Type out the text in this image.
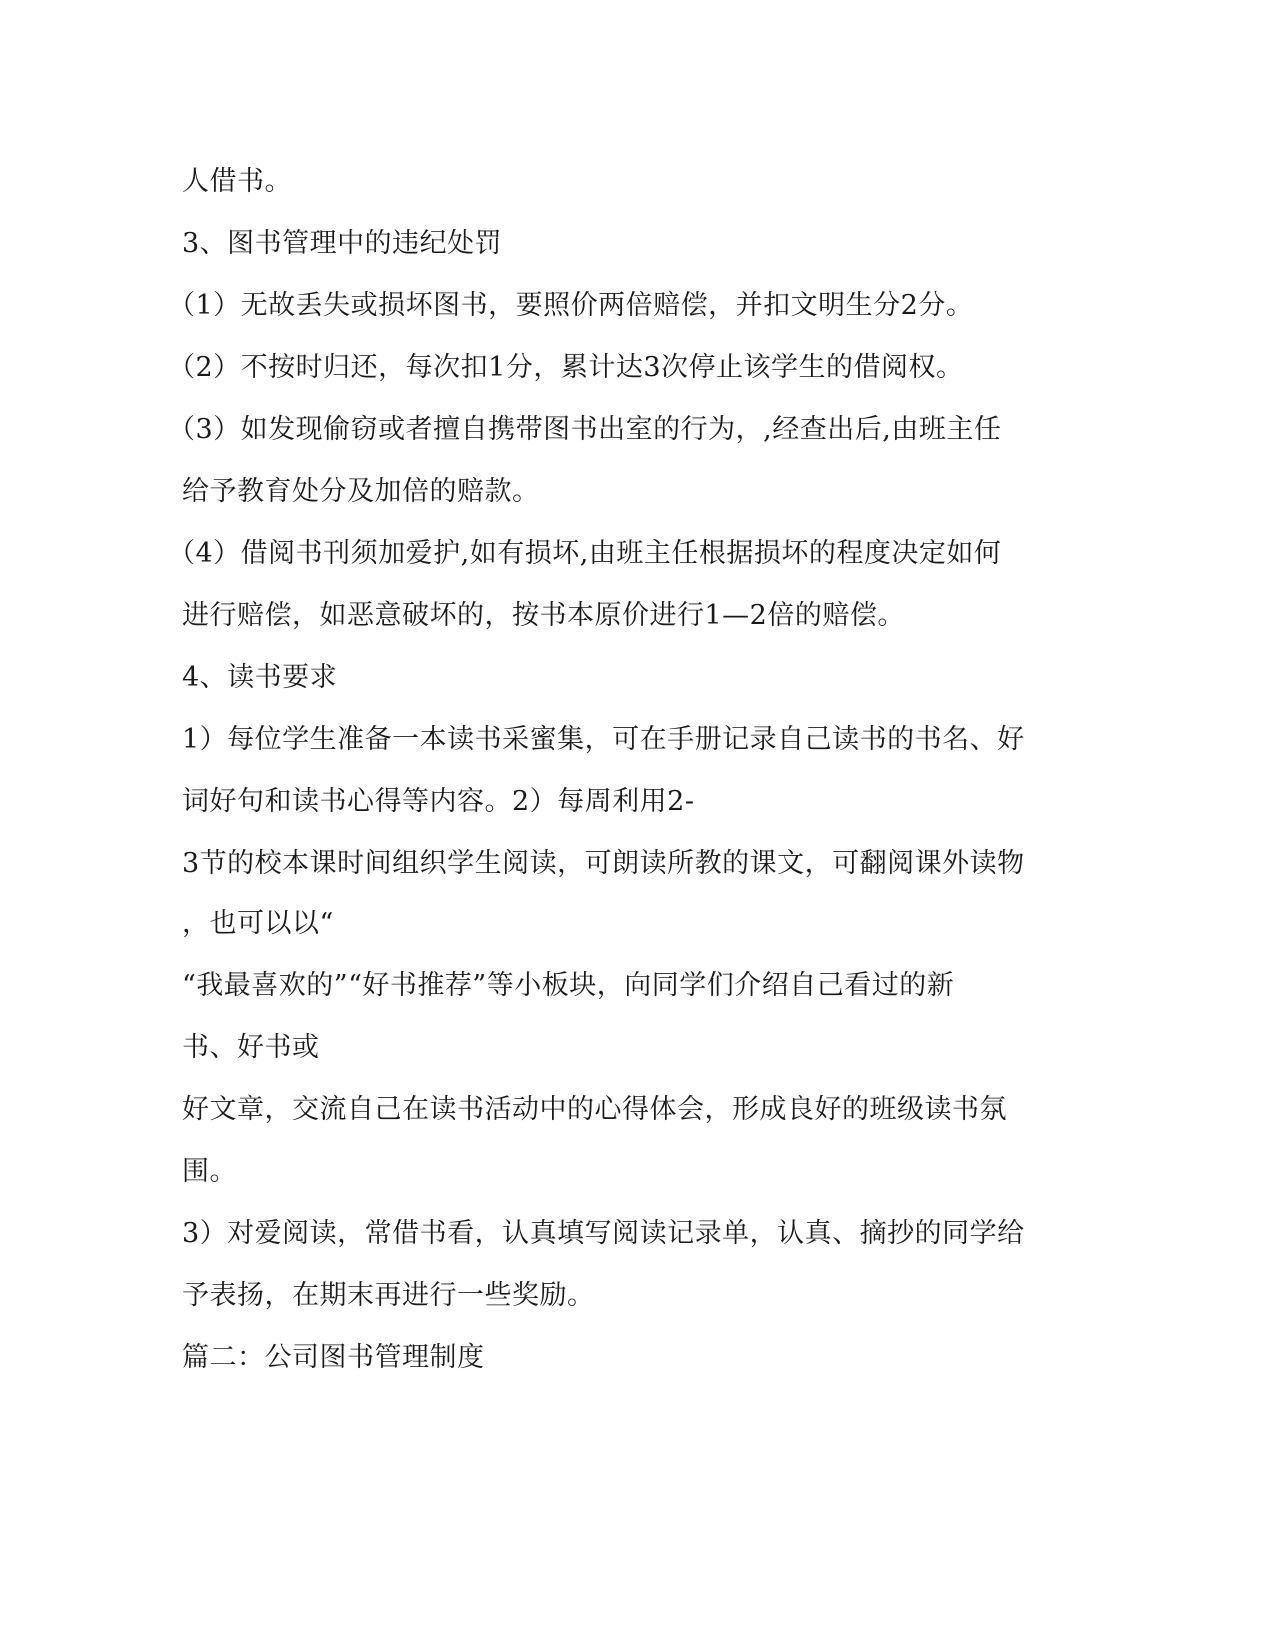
人借书。
3、图书管理中的违纪处罚
（1）无故丢失或损坏图书，要照价两倍赔偿，并扣文明生分2分。
（2）不按时归还，每次扣1分，累计达3次停止该学生的借阅权。
（3）如发现偷窃或者擅自携带图书出室的行为，,经查出后,由班主任
给予教育处分及加倍的赔款。
（4）借阅书刊须加爱护,如有损坏,由班主任根据损坏的程度决定如何
进行赔偿，如恶意破坏的，按书本原价进行1—2倍的赔偿。
4、读书要求
1）每位学生准备一本读书采蜜集，可在手册记录自己读书的书名、好
词好句和读书心得等内容。2）每周利用2-
3节的校本课时间组织学生阅读，可朗读所教的课文，可翻阅课外读物
，也可以以“
“我最喜欢的”“好书推荐”等小板块，向同学们介绍自己看过的新
书、好书或
好文章，交流自己在读书活动中的心得体会，形成良好的班级读书氛
围。
3）对爱阅读，常借书看，认真填写阅读记录单，认真、摘抄的同学给
予表扬，在期末再进行一些奖励。
篇二：公司图书管理制度
